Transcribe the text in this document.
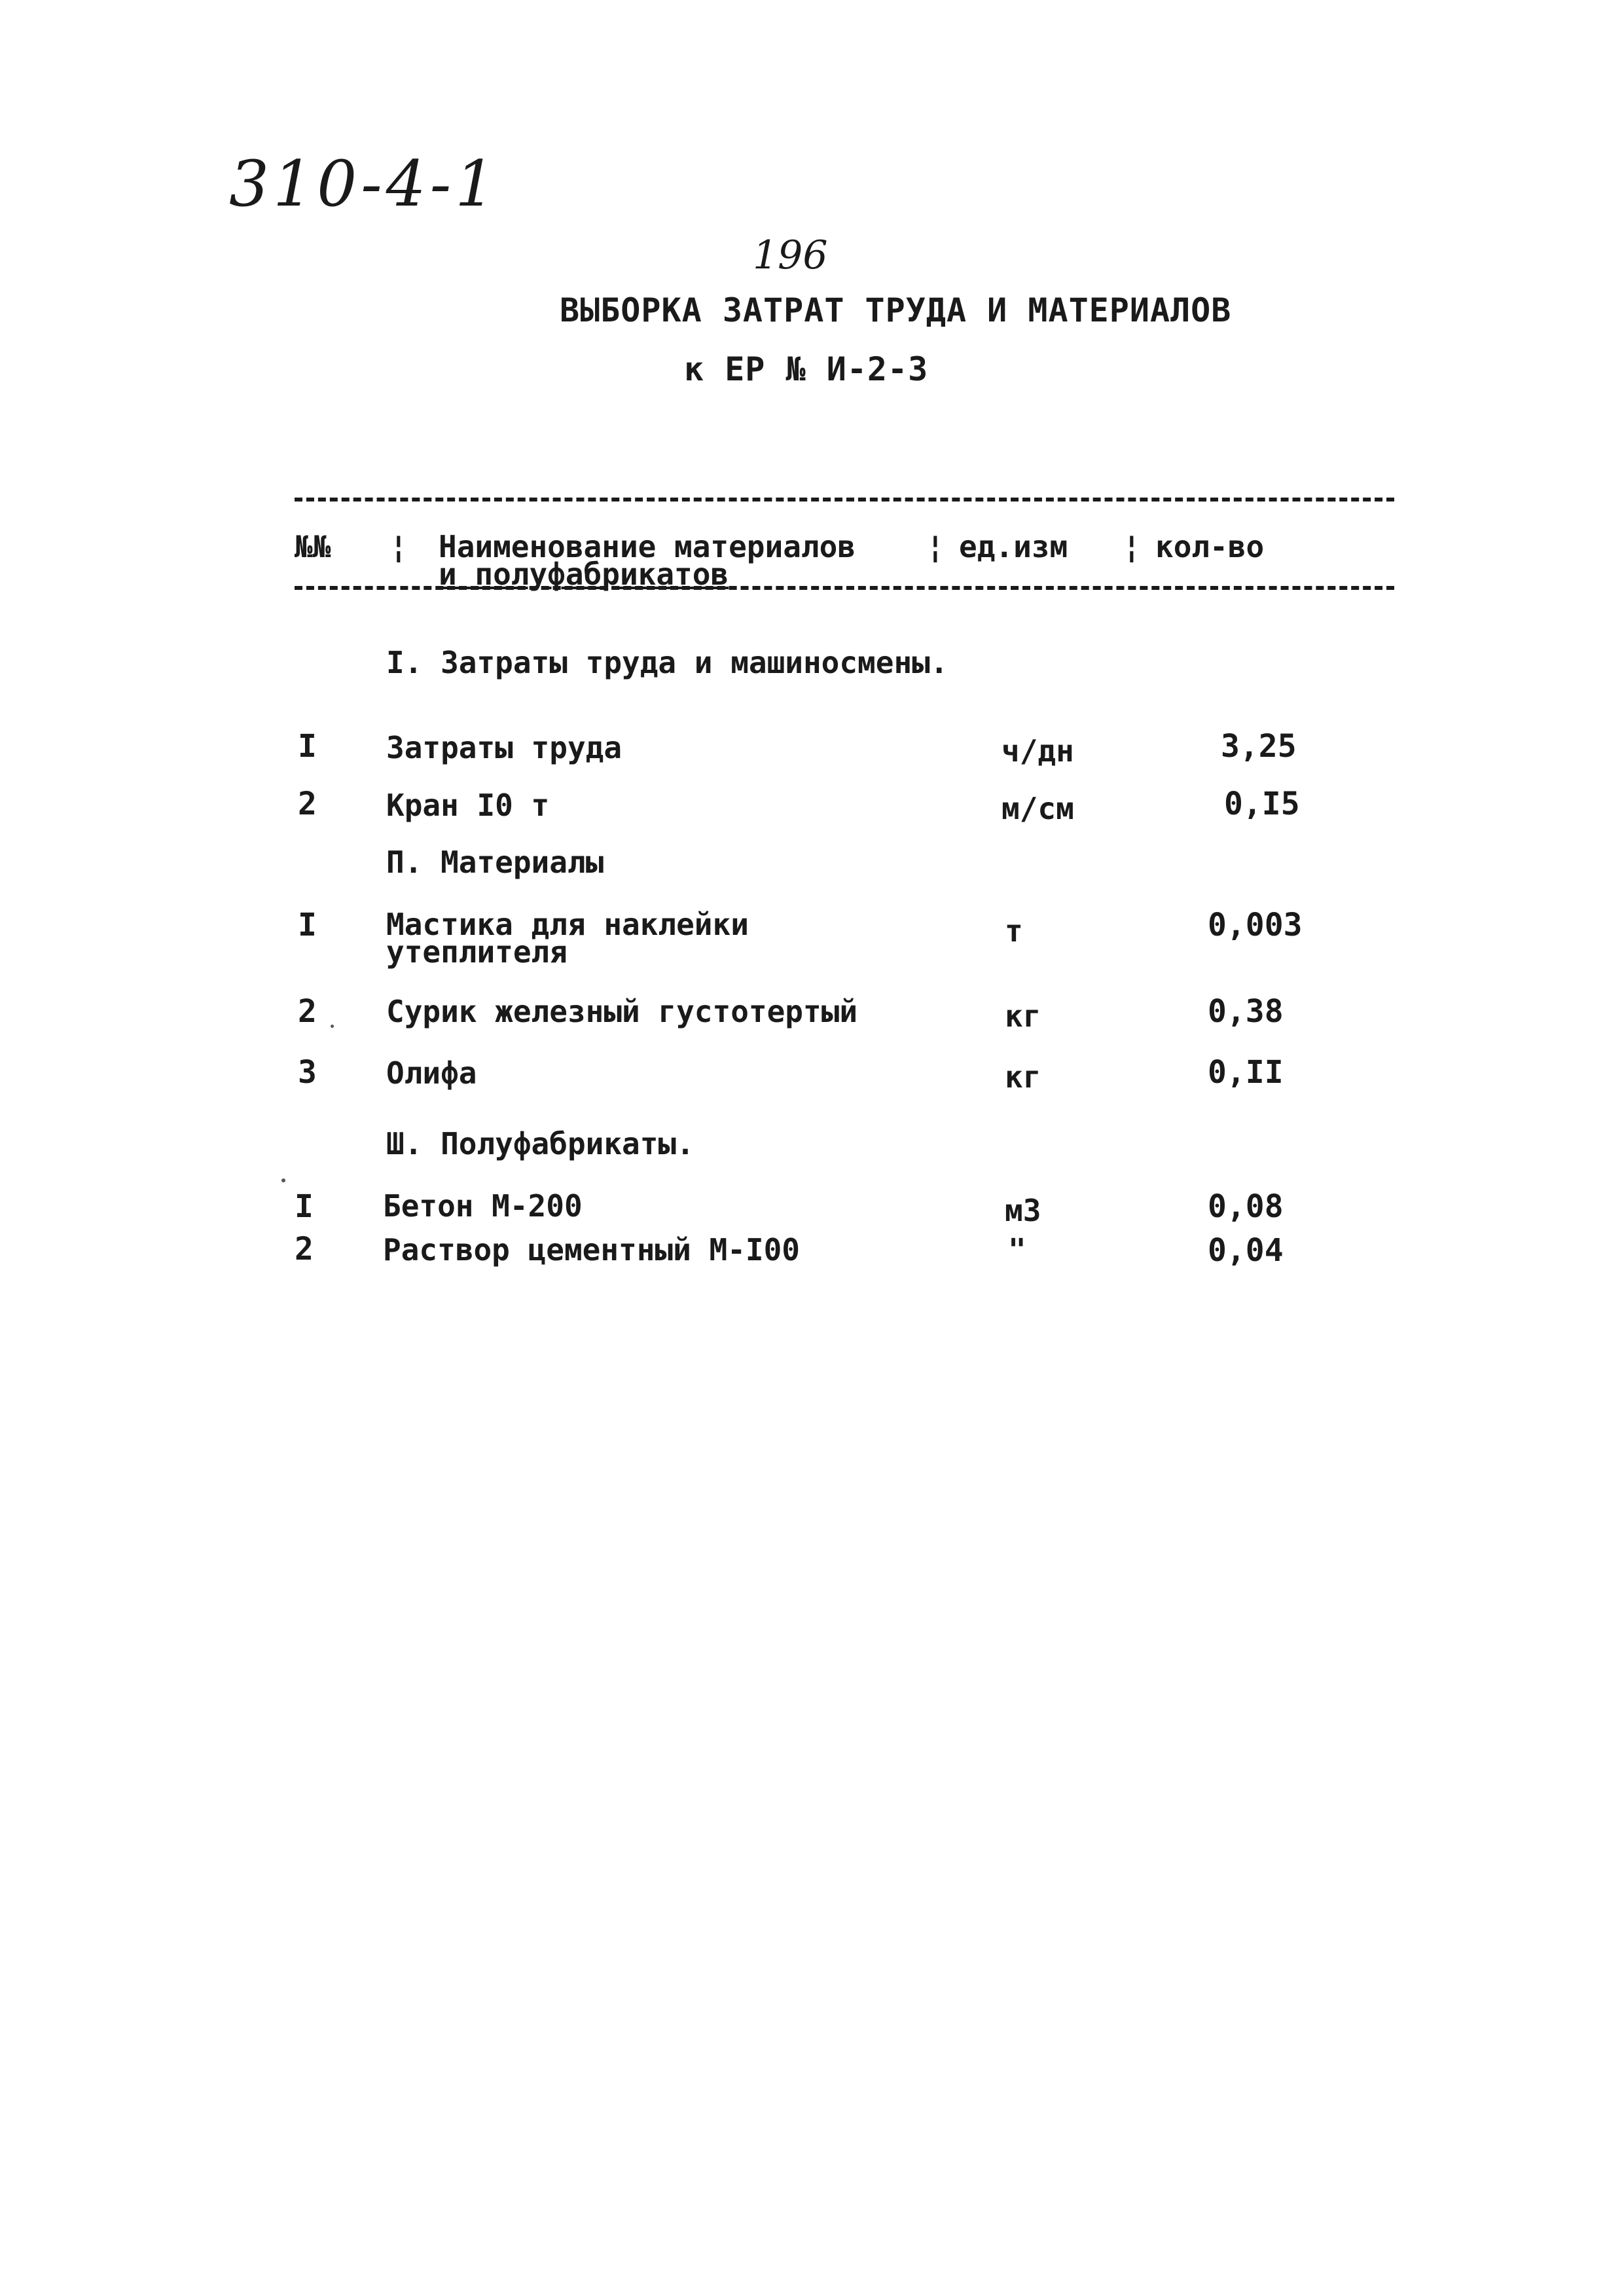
310-4-1
196
ВЫБОРКА ЗАТРАТ ТРУДА И МАТЕРИАЛОВ
к ЕР № И-2-3
№№ ¦ Наименование материалов
и полуфабрикатов
¦ ед.изм ¦ кол-во
I. Затраты труда и машиносмены.
I Затраты труда	ч/дн	3,25
2 Кран I0 т	м/см	0,I5
П. Материалы
I Мастика для наклейки
утеплителя
т	0,003
2 Сурик железный густотертый	кг	0,38
3 Олифа	кг	0,II
Ш. Полуфабрикаты.
I Бетон М-200	м3	0,08
2 Раствор цементный М-I00	"	0,04
